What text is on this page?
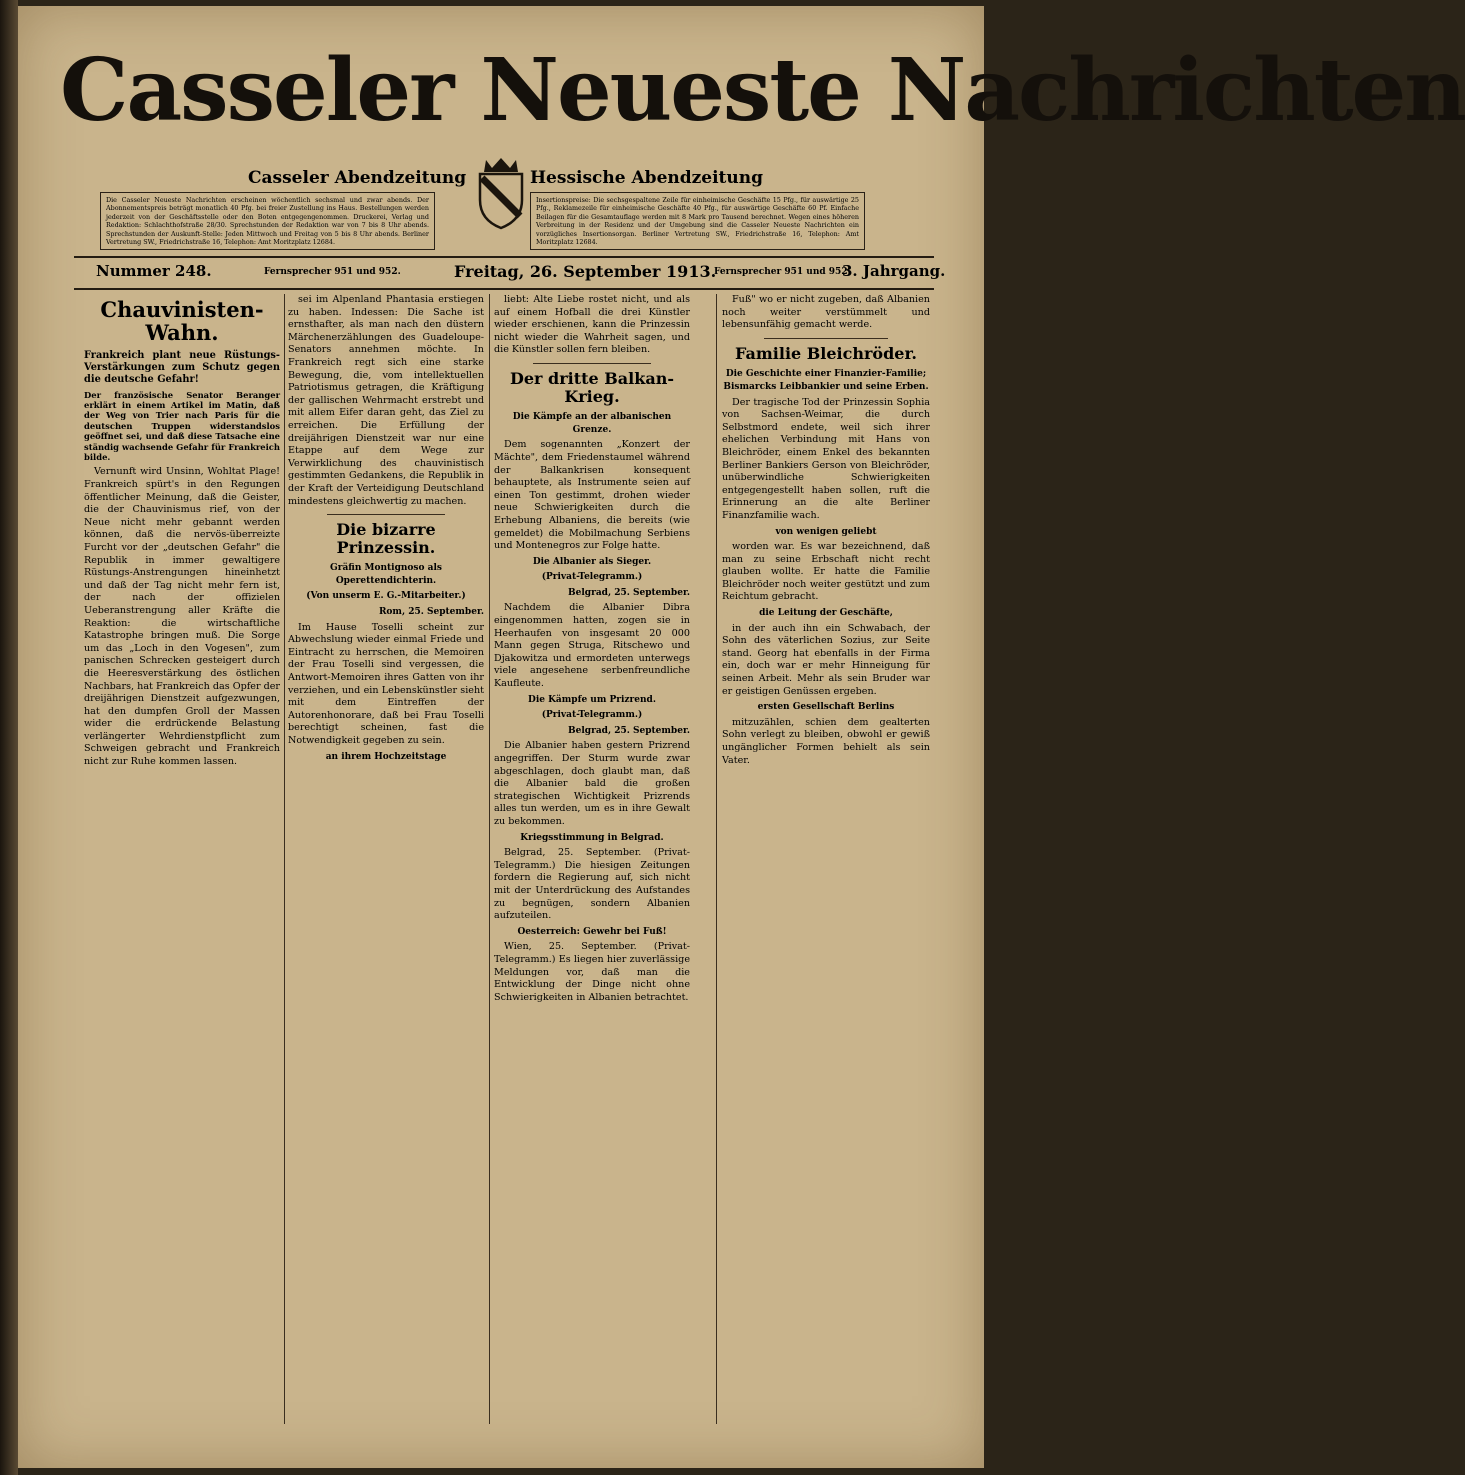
Casseler Neueste Nachrichten
Casseler Abendzeitung	Hessische Abendzeitung
Die Casseler Neueste Nachrichten erscheinen wöchentlich sechsmal und zwar abends. Der Abonnementspreis beträgt monatlich 40 Pfg. bei freier Zustellung ins Haus. Bestellungen werden jederzeit von der Geschäftsstelle oder den Boten entgegengenommen. Druckerei, Verlag und Redaktion: Schlachthofstraße 28/30. Sprechstunden der Redaktion war von 7 bis 8 Uhr abends. Sprechstunden der Auskunft-Stelle: Jeden Mittwoch und Freitag von 5 bis 8 Uhr abends. Berliner Vertretung SW., Friedrichstraße 16, Telephon: Amt Moritzplatz 12684.
Insertionspreise: Die sechsgespaltene Zeile für einheimische Geschäfte 15 Pfg., für auswärtige 25 Pfg., Reklamezeile für einheimische Geschäfte 40 Pfg., für auswärtige Geschäfte 60 Pf. Einfache Beilagen für die Gesamtauflage werden mit 8 Mark pro Tausend berechnet. Wegen eines höheren Verbreitung in der Residenz und der Umgebung sind die Casseler Neueste Nachrichten ein vorzügliches Insertionsorgan. Berliner Vertretung SW., Friedrichstraße 16, Telephon: Amt Moritzplatz 12684.
Nummer 248.	Fernsprecher 951 und 952.	Freitag, 26. September 1913.
Fernsprecher 951 und 952.
3. Jahrgang.
Chauvinisten-Wahn.
Frankreich plant neue Rüstungs-Verstärkungen zum Schutz gegen die deutsche Gefahr!
Der französische Senator Beranger erklärt in einem Artikel im Matin, daß der Weg von Trier nach Paris für die deutschen Truppen widerstandslos geöffnet sei, und daß diese Tatsache eine ständig wachsende Gefahr für Frankreich bilde.

Vernunft wird Unsinn, Wohltat Plage! Frankreich spürt's in den Regungen öffentlicher Meinung, daß die Geister, die der Chauvinismus rief, von der Neue nicht mehr gebannt werden können, daß die nervös-überreizte Furcht vor der „deutschen Gefahr" die Republik in immer gewaltigere Rüstungs-Anstrengungen hineinhetzt und daß der Tag nicht mehr fern ist, der nach der offizielen Ueberanstrengung aller Kräfte die Reaktion: die wirtschaftliche Katastrophe bringen muß. Die Sorge um das „Loch in den Vogesen", zum panischen Schrecken gesteigert durch die Heeresverstärkung des östlichen Nachbars, hat Frankreich das Opfer der dreijährigen Dienstzeit aufgezwungen, hat den dumpfen Groll der Massen wider die erdrückende Belastung verlängerter Wehrdienstpflicht zum Schweigen gebracht und Frankreich nicht zur Ruhe kommen lassen.

sei im Alpenland Phantasia erstiegen zu haben. Indessen: Die Sache ist ernsthafter, als man nach den düstern Märchenerzählungen des Guadeloupe-Senators annehmen möchte. In Frankreich regt sich eine starke Bewegung, die, vom intellektuellen Patriotismus getragen, die Kräftigung der gallischen Wehrmacht erstrebt und mit allem Eifer daran geht, das Ziel zu erreichen. Die Erfüllung der dreijährigen Dienstzeit war nur eine Etappe auf dem Wege zur Verwirklichung des chauvinistisch gestimmten Gedankens, die Republik in der Kraft der Verteidigung Deutschland mindestens gleichwertig zu machen.

Die bizarre Prinzessin.
Gräfin Montignoso als Operettendichterin.
(Von unserm E. G.-Mitarbeiter.)
Rom, 25. September.

Im Hause Toselli scheint zur Abwechslung wieder einmal Friede und Eintracht zu herrschen, die Memoiren der Frau Toselli sind vergessen, die Antwort-Memoiren ihres Gatten von ihr verziehen, und ein Lebenskünstler sieht mit dem Eintreffen der Autorenhonorare, daß bei Frau Toselli berechtigt scheinen, fast die Notwendigkeit gegeben zu sein.

an ihrem Hochzeitstage

liebt: Alte Liebe rostet nicht, und als auf einem Hofball die drei Künstler wieder erschienen, kann die Prinzessin nicht wieder die Wahrheit sagen, und die Künstler sollen fern bleiben.

Der dritte Balkan-Krieg.
Die Kämpfe an der albanischen Grenze.

Dem sogenannten „Konzert der Mächte", dem Friedenstaumel während der Balkankrisen konsequent behauptete, als Instrumente seien auf einen Ton gestimmt, drohen wieder neue Schwierigkeiten durch die Erhebung Albaniens, die bereits (wie gemeldet) die Mobilmachung Serbiens und Montenegros zur Folge hatte.

Die Albanier als Sieger.
(Privat-Telegramm.)
Belgrad, 25. September.

Nachdem die Albanier Dibra eingenommen hatten, zogen sie in Heerhaufen von insgesamt 20 000 Mann gegen Struga, Ritschewo und Djakowitza und ermordeten unterwegs viele angesehene serbenfreundliche Kaufleute.

Die Kämpfe um Prizrend.
(Privat-Telegramm.)
Belgrad, 25. September.

Die Albanier haben gestern Prizrend angegriffen. Der Sturm wurde zwar abgeschlagen, doch glaubt man, daß die Albanier bald die großen strategischen Wichtigkeit Prizrends alles tun werden, um es in ihre Gewalt zu bekommen.

Kriegsstimmung in Belgrad.

Belgrad, 25. September. (Privat-Telegramm.) Die hiesigen Zeitungen fordern die Regierung auf, sich nicht mit der Unterdrückung des Aufstandes zu begnügen, sondern Albanien aufzuteilen.

Oesterreich: Gewehr bei Fuß!

Wien, 25. September. (Privat-Telegramm.) Es liegen hier zuverlässige Meldungen vor, daß man die Entwicklung der Dinge nicht ohne Schwierigkeiten in Albanien betrachtet.

Fuß" wo er nicht zugeben, daß Albanien noch weiter verstümmelt und lebensunfähig gemacht werde.

Familie Bleichröder.
Die Geschichte einer Finanzier-Familie; Bismarcks Leibbankier und seine Erben.

Der tragische Tod der Prinzessin Sophia von Sachsen-Weimar, die durch Selbstmord endete, weil sich ihrer ehelichen Verbindung mit Hans von Bleichröder, einem Enkel des bekannten Berliner Bankiers Gerson von Bleichröder, unüberwindliche Schwierigkeiten entgegengestellt haben sollen, ruft die Erinnerung an die alte Berliner Finanzfamilie wach.

von wenigen geliebt

worden war. Es war bezeichnend, daß man zu seine Erbschaft nicht recht glauben wollte. Er hatte die Familie Bleichröder noch weiter gestützt und zum Reichtum gebracht.

die Leitung der Geschäfte,

in der auch ihn ein Schwabach, der Sohn des väterlichen Sozius, zur Seite stand. Georg hat ebenfalls in der Firma ein, doch war er mehr Hinneigung für seinen Arbeit. Mehr als sein Bruder war er geistigen Genüssen ergeben.

ersten Gesellschaft Berlins

mitzuzählen, schien dem gealterten Sohn verlegt zu bleiben, obwohl er gewiß ungänglicher Formen behielt als sein Vater.
